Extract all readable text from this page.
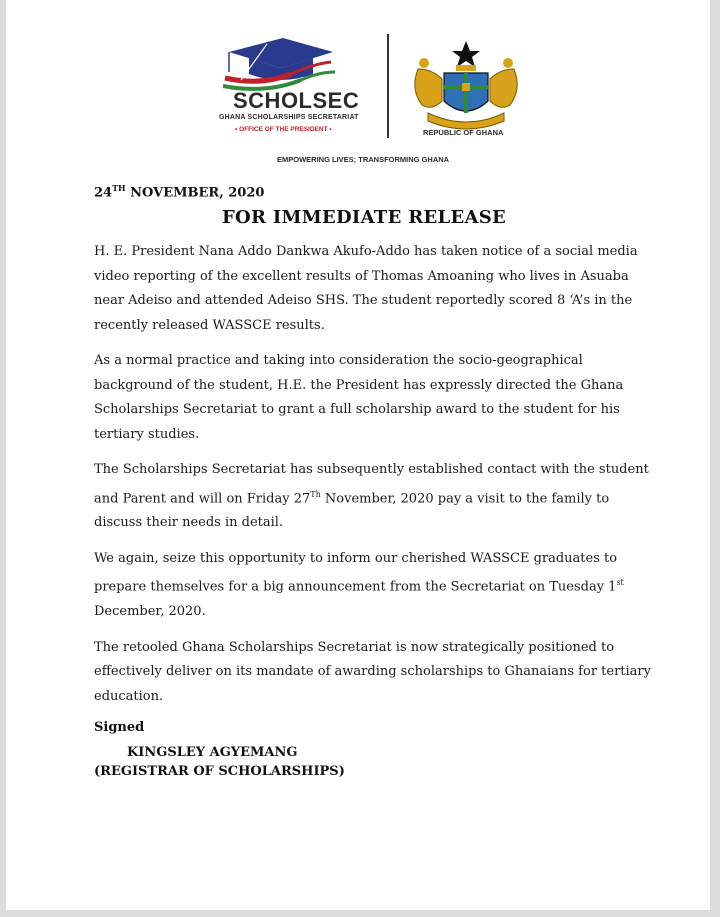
SCHOLSEC
GHANA SCHOLARSHIPS SECRETARIAT
• OFFICE OF THE PRESIDENT •	REPUBLIC OF GHANA
EMPOWERING LIVES; TRANSFORMING GHANA
24TH NOVEMBER, 2020
FOR IMMEDIATE RELEASE

H. E. President Nana Addo Dankwa Akufo-Addo has taken notice of a social media video reporting of the excellent results of Thomas Amoaning who lives in Asuaba near Adeiso and attended Adeiso SHS. The student reportedly scored 8 ‘A’s in the recently released WASSCE results.

As a normal practice and taking into consideration the socio-geographical background of the student, H.E. the President has expressly directed the Ghana Scholarships Secretariat to grant a full scholarship award to the student for his tertiary studies.

The Scholarships Secretariat has subsequently established contact with the student and Parent and will on Friday 27Th November, 2020 pay a visit to the family to discuss their needs in detail.

We again, seize this opportunity to inform our cherished WASSCE graduates to prepare themselves for a big announcement from the Secretariat on Tuesday 1st December, 2020.

The retooled Ghana Scholarships Secretariat is now strategically positioned to effectively deliver on its mandate of awarding scholarships to Ghanaians for tertiary education.

Signed
KINGSLEY AGYEMANG
(REGISTRAR OF SCHOLARSHIPS)
